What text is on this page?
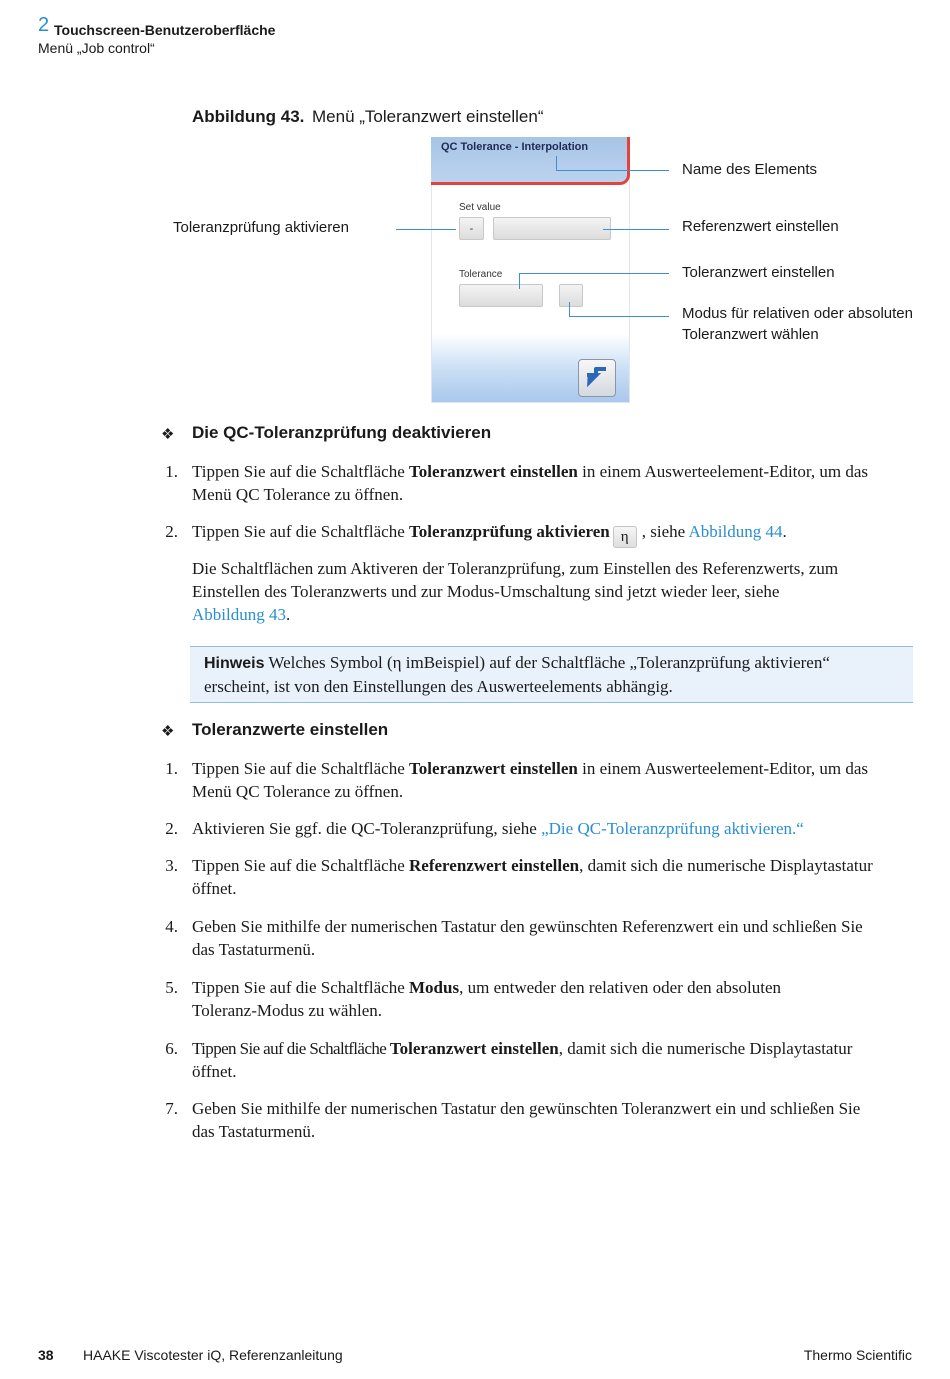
2 Touchscreen-Benutzeroberfläche
Menü „Job control“
Abbildung 43. Menü „Toleranzwert einstellen“
QC Tolerance - Interpolation
Set value
-
Tolerance
Name des Elements
Toleranzprüfung aktivieren	Referenzwert einstellen
Toleranzwert einstellen
Modus für relativen oder absoluten
Toleranzwert wählen
❖ Die QC-Toleranzprüfung deaktivieren
1. Tippen Sie auf die Schaltfläche Toleranzwert einstellen in einem Auswerteelement-Editor, um das
Menü QC Tolerance zu öffnen.
2. Tippen Sie auf die Schaltfläche Toleranzprüfung aktivieren η , siehe Abbildung 44.
Die Schaltflächen zum Aktiveren der Toleranzprüfung, zum Einstellen des Referenzwerts, zum
Einstellen des Toleranzwerts und zur Modus-Umschaltung sind jetzt wieder leer, siehe
Abbildung 43.
Hinweis Welches Symbol (η imBeispiel) auf der Schaltfläche „Toleranzprüfung aktivieren“
erscheint, ist von den Einstellungen des Auswerteelements abhängig.
❖ Toleranzwerte einstellen
1. Tippen Sie auf die Schaltfläche Toleranzwert einstellen in einem Auswerteelement-Editor, um das
Menü QC Tolerance zu öffnen.
2. Aktivieren Sie ggf. die QC-Toleranzprüfung, siehe „Die QC-Toleranzprüfung aktivieren.“
3. Tippen Sie auf die Schaltfläche Referenzwert einstellen, damit sich die numerische Displaytastatur
öffnet.
4. Geben Sie mithilfe der numerischen Tastatur den gewünschten Referenzwert ein und schließen Sie
das Tastaturmenü.
5. Tippen Sie auf die Schaltfläche Modus, um entweder den relativen oder den absoluten
Toleranz-Modus zu wählen.
6. Tippen Sie auf die Schaltfläche Toleranzwert einstellen, damit sich die numerische Displaytastatur
öffnet.
7. Geben Sie mithilfe der numerischen Tastatur den gewünschten Toleranzwert ein und schließen Sie
das Tastaturmenü.
38 HAAKE Viscotester iQ, Referenzanleitung	Thermo Scientific
